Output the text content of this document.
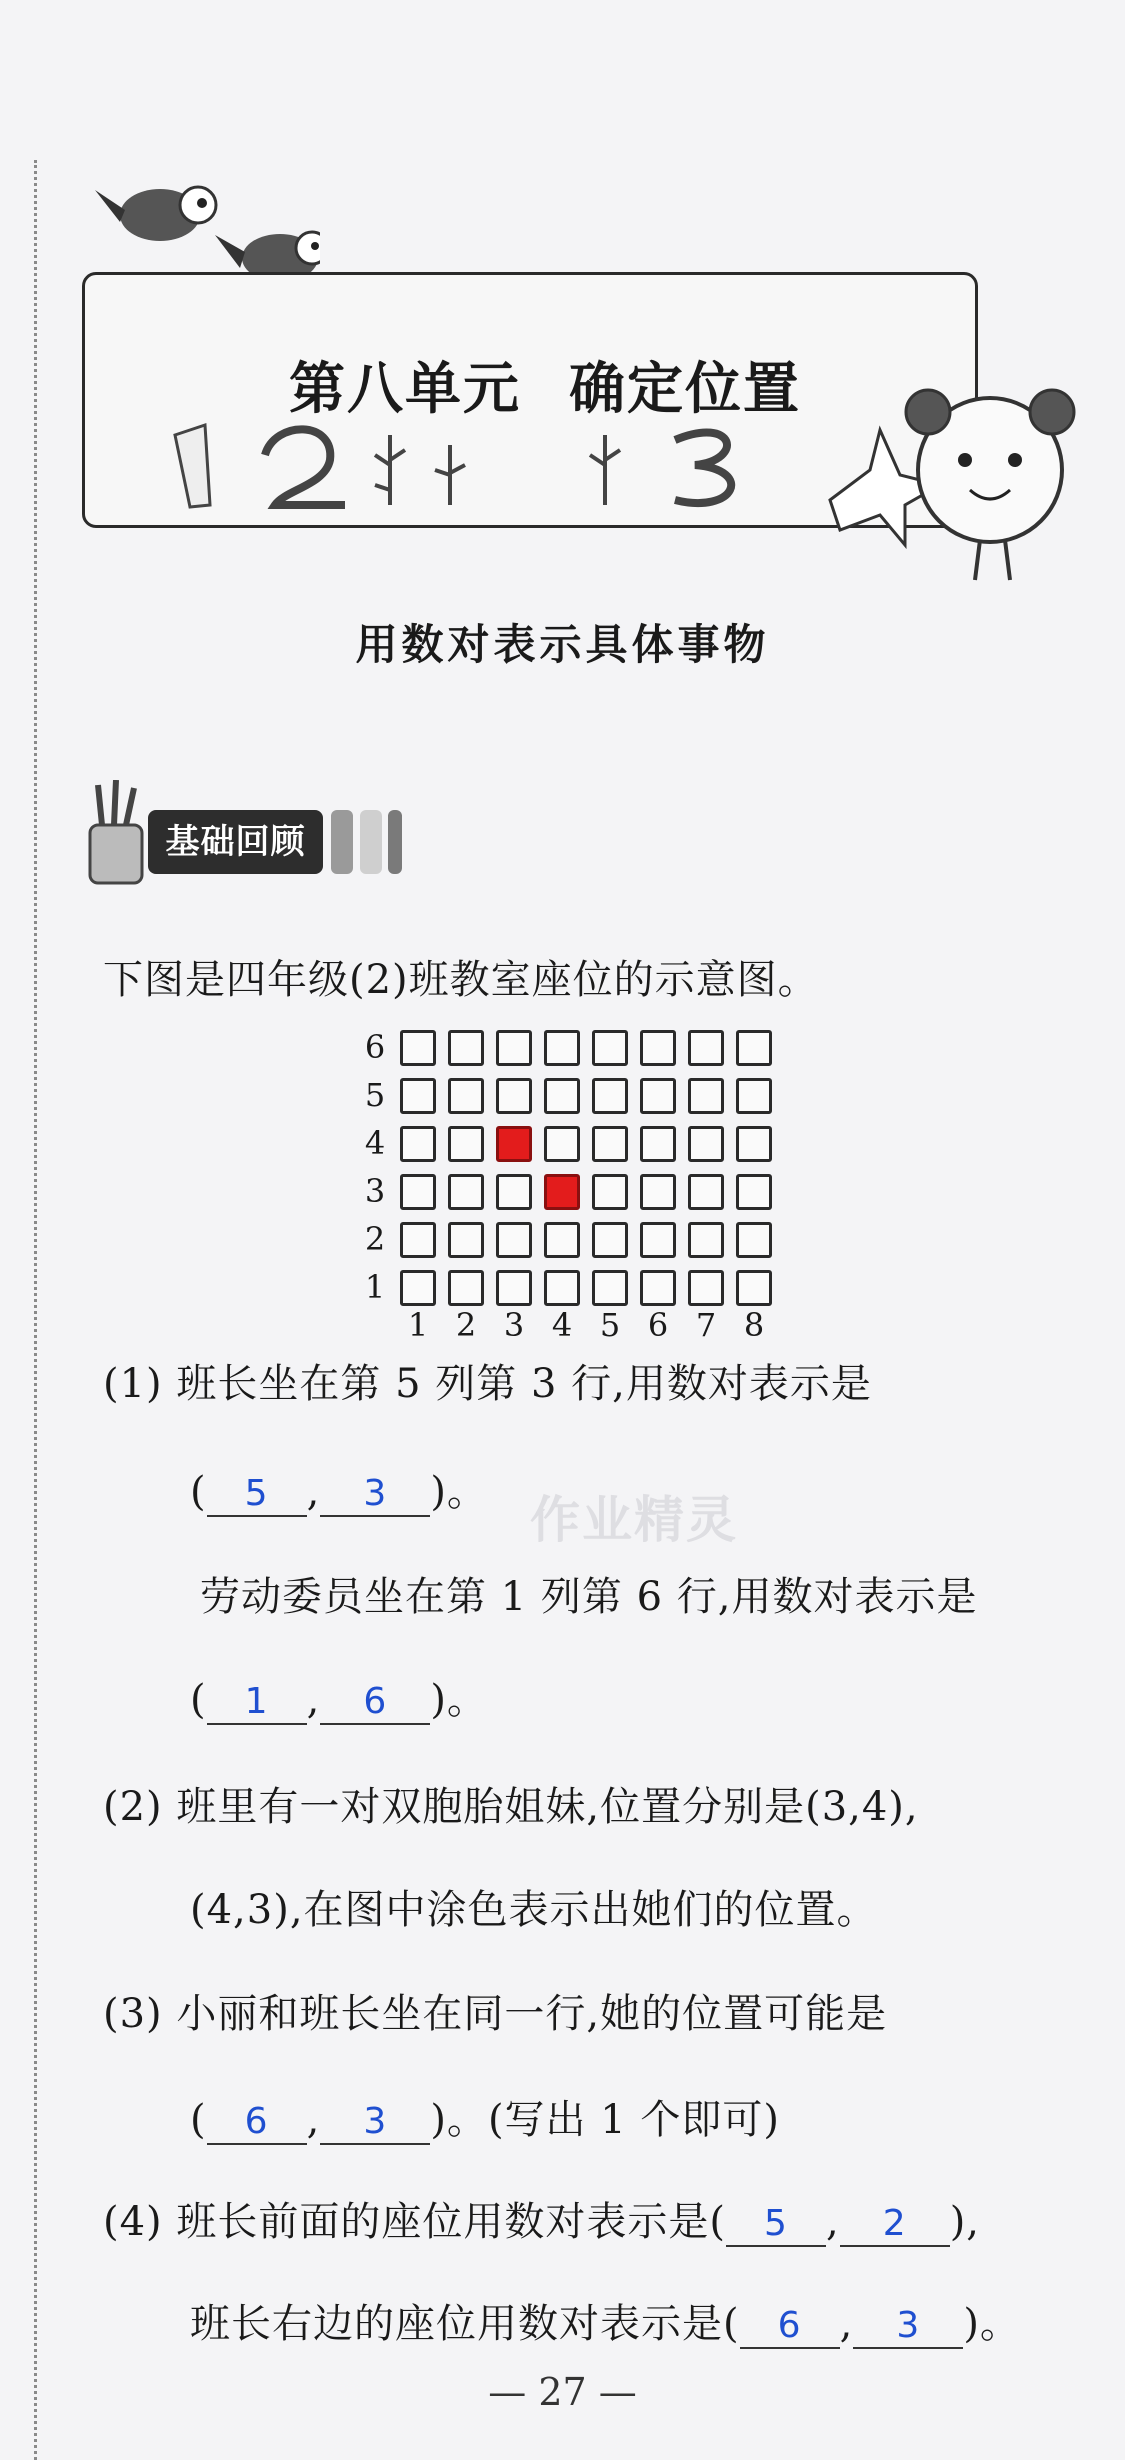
第八单元 确定位置
用数对表示具体事物
基础回顾
下图是四年级(2)班教室座位的示意图。
1
2
3
4
5
6
1 2 3 4 5 6 7 8
(1) 班长坐在第 5 列第 3 行,用数对表示是
( 5 , 3 )。 作业精灵
劳动委员坐在第 1 列第 6 行,用数对表示是
( 1 , 6 )。
(2) 班里有一对双胞胎姐妹,位置分别是(3,4),
(4,3),在图中涂色表示出她们的位置。
(3) 小丽和班长坐在同一行,她的位置可能是
( 6 , 3 )。(写出 1 个即可)
(4) 班长前面的座位用数对表示是( 5 , 2 ),
班长右边的座位用数对表示是( 6 , 3 )。
— 27 —
